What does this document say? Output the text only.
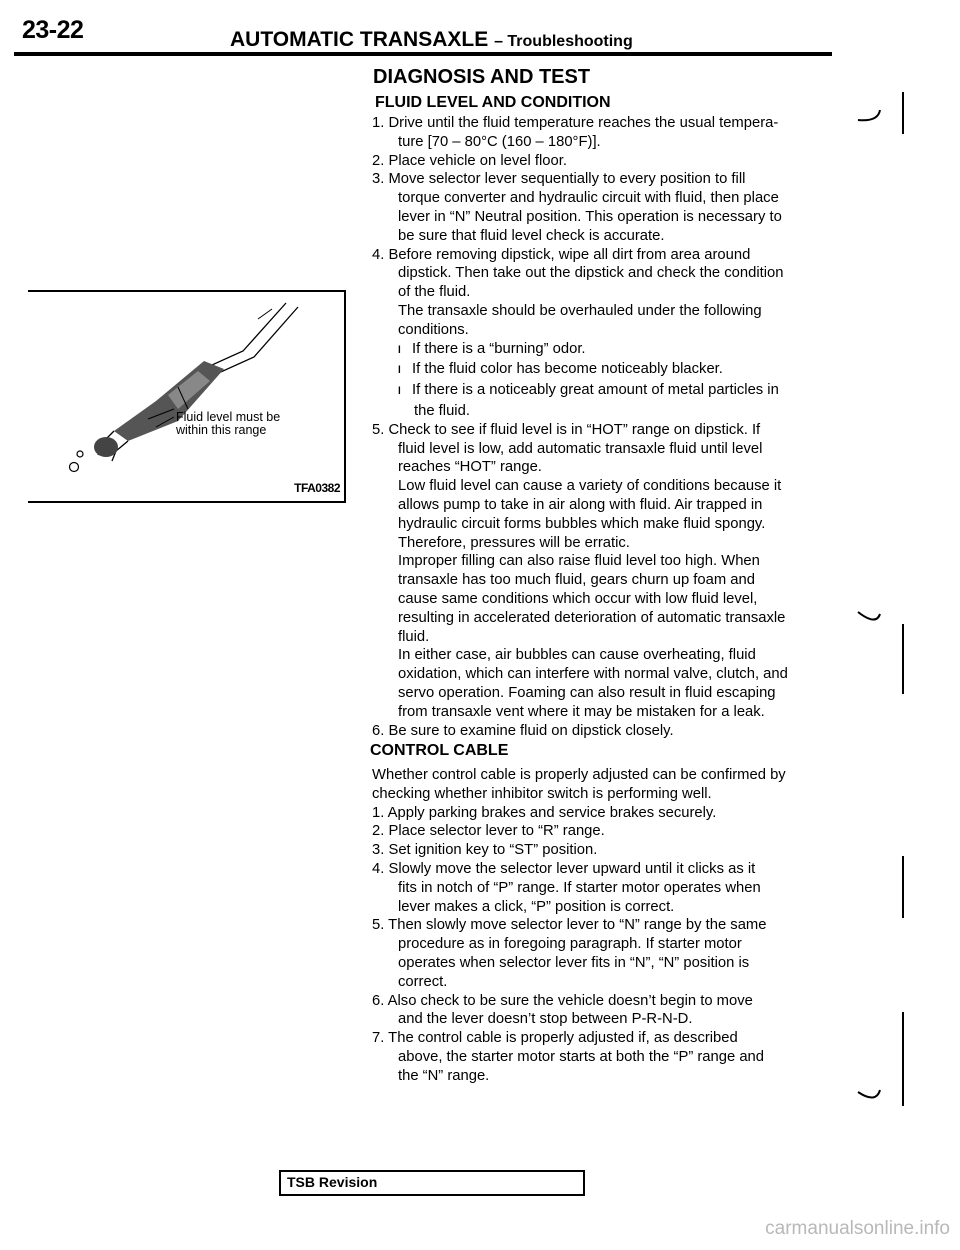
23-22	AUTOMATIC TRANSAXLE – Troubleshooting
DIAGNOSIS AND TEST
FLUID LEVEL AND CONDITION

1. Drive until the fluid temperature reaches the usual tempera-

ture [70 – 80°C (160 – 180°F)].

2. Place vehicle on level floor.

3. Move selector lever sequentially to every position to fill

torque converter and hydraulic circuit with fluid, then place

lever in “N” Neutral position. This operation is necessary to

be sure that fluid level check is accurate.

4. Before removing dipstick, wipe all dirt from area around

dipstick. Then take out the dipstick and check the condition

of the fluid.

The transaxle should be overhauled under the following

conditions.

l If there is a “burning” odor.

l If the fluid color has become noticeably blacker.

l If there is a noticeably great amount of metal particles in

the fluid.

5. Check to see if fluid level is in “HOT” range on dipstick. If

fluid level is low, add automatic transaxle fluid until level

reaches “HOT” range.

Low fluid level can cause a variety of conditions because it

allows pump to take in air along with fluid. Air trapped in

hydraulic circuit forms bubbles which make fluid spongy.

Therefore, pressures will be erratic.

Improper filling can also raise fluid level too high. When

transaxle has too much fluid, gears churn up foam and

cause same conditions which occur with low fluid level,

resulting in accelerated deterioration of automatic transaxle

fluid.

In either case, air bubbles can cause overheating, fluid

oxidation, which can interfere with normal valve, clutch, and

servo operation. Foaming can also result in fluid escaping

from transaxle vent where it may be mistaken for a leak.

6. Be sure to examine fluid on dipstick closely.

CONTROL CABLE

Whether control cable is properly adjusted can be confirmed by

checking whether inhibitor switch is performing well.

1. Apply parking brakes and service brakes securely.

2. Place selector lever to “R” range.

3. Set ignition key to “ST” position.

4. Slowly move the selector lever upward until it clicks as it

fits in notch of “P” range. If starter motor operates when

lever makes a click, “P” position is correct.

5. Then slowly move selector lever to “N” range by the same

procedure as in foregoing paragraph. If starter motor

operates when selector lever fits in “N”, “N” position is

correct.

6. Also check to be sure the vehicle doesn’t begin to move

and the lever doesn’t stop between P-R-N-D.

7. The control cable is properly adjusted if, as described

above, the starter motor starts at both the “P” range and

the “N” range.

Fluid level must be
within this range
TFA0382
TSB Revision
carmanualsonline.info
